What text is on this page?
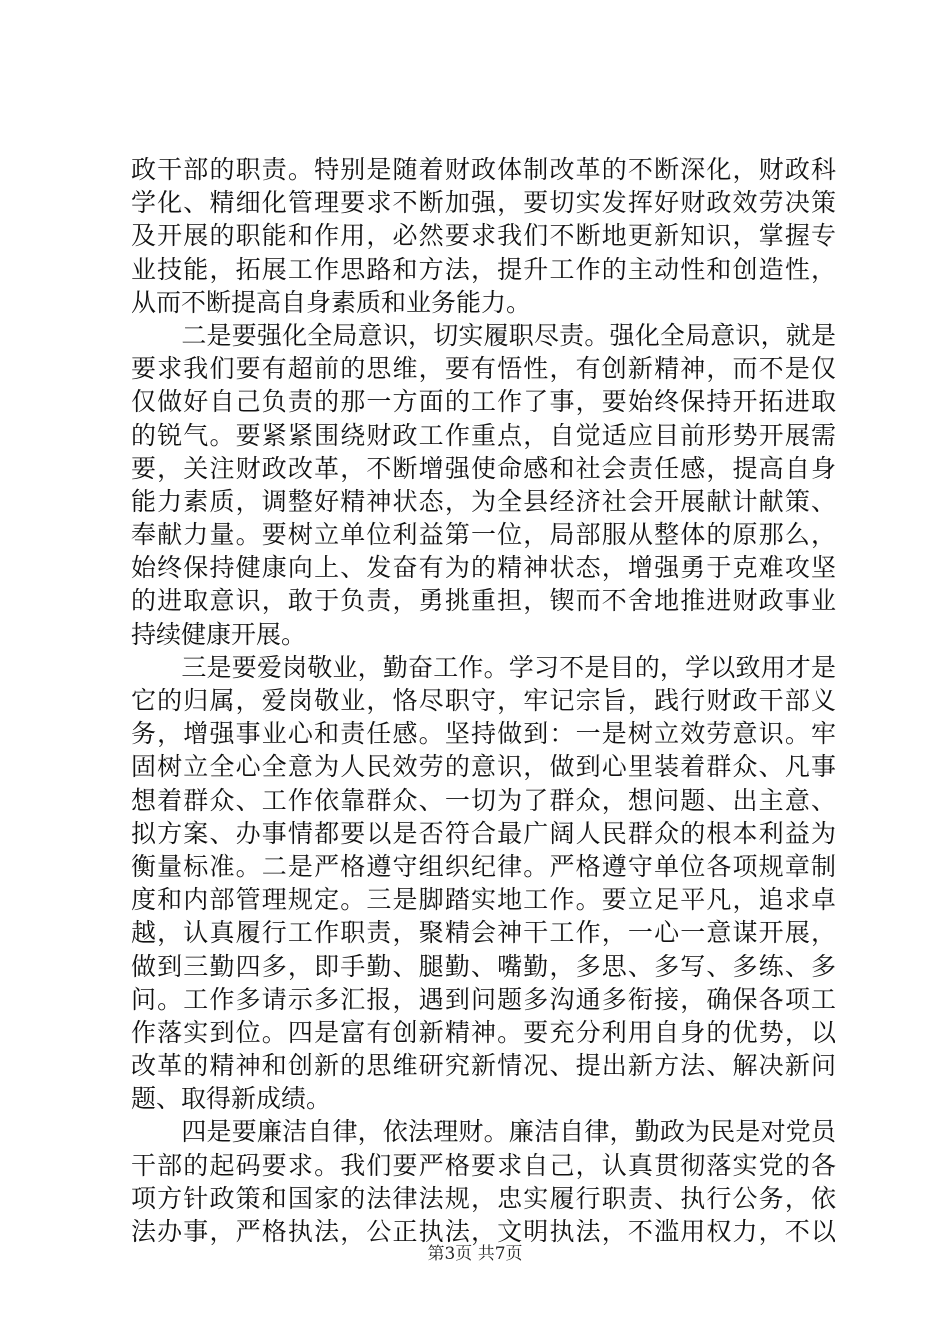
政干部的职责。特别是随着财政体制改革的不断深化，财政科
学化、精细化管理要求不断加强，要切实发挥好财政效劳决策
及开展的职能和作用，必然要求我们不断地更新知识，掌握专
业技能，拓展工作思路和方法，提升工作的主动性和创造性，
从而不断提高自身素质和业务能力。
　　二是要强化全局意识，切实履职尽责。强化全局意识，就是
要求我们要有超前的思维，要有悟性，有创新精神，而不是仅
仅做好自己负责的那一方面的工作了事，要始终保持开拓进取
的锐气。要紧紧围绕财政工作重点，自觉适应目前形势开展需
要，关注财政改革，不断增强使命感和社会责任感，提高自身
能力素质，调整好精神状态，为全县经济社会开展献计献策、
奉献力量。要树立单位利益第一位，局部服从整体的原那么，
始终保持健康向上、发奋有为的精神状态，增强勇于克难攻坚
的进取意识，敢于负责，勇挑重担，锲而不舍地推进财政事业
持续健康开展。
　　三是要爱岗敬业，勤奋工作。学习不是目的，学以致用才是
它的归属，爱岗敬业，恪尽职守，牢记宗旨，践行财政干部义
务，增强事业心和责任感。坚持做到：一是树立效劳意识。牢
固树立全心全意为人民效劳的意识，做到心里装着群众、凡事
想着群众、工作依靠群众、一切为了群众，想问题、出主意、
拟方案、办事情都要以是否符合最广阔人民群众的根本利益为
衡量标准。二是严格遵守组织纪律。严格遵守单位各项规章制
度和内部管理规定。三是脚踏实地工作。要立足平凡，追求卓
越，认真履行工作职责，聚精会神干工作，一心一意谋开展，
做到三勤四多，即手勤、腿勤、嘴勤，多思、多写、多练、多
问。工作多请示多汇报，遇到问题多沟通多衔接，确保各项工
作落实到位。四是富有创新精神。要充分利用自身的优势，以
改革的精神和创新的思维研究新情况、提出新方法、解决新问
题、取得新成绩。
　　四是要廉洁自律，依法理财。廉洁自律，勤政为民是对党员
干部的起码要求。我们要严格要求自己，认真贯彻落实党的各
项方针政策和国家的法律法规，忠实履行职责、执行公务，依
法办事，严格执法，公正执法，文明执法，不滥用权力，不以
第3页 共7页
